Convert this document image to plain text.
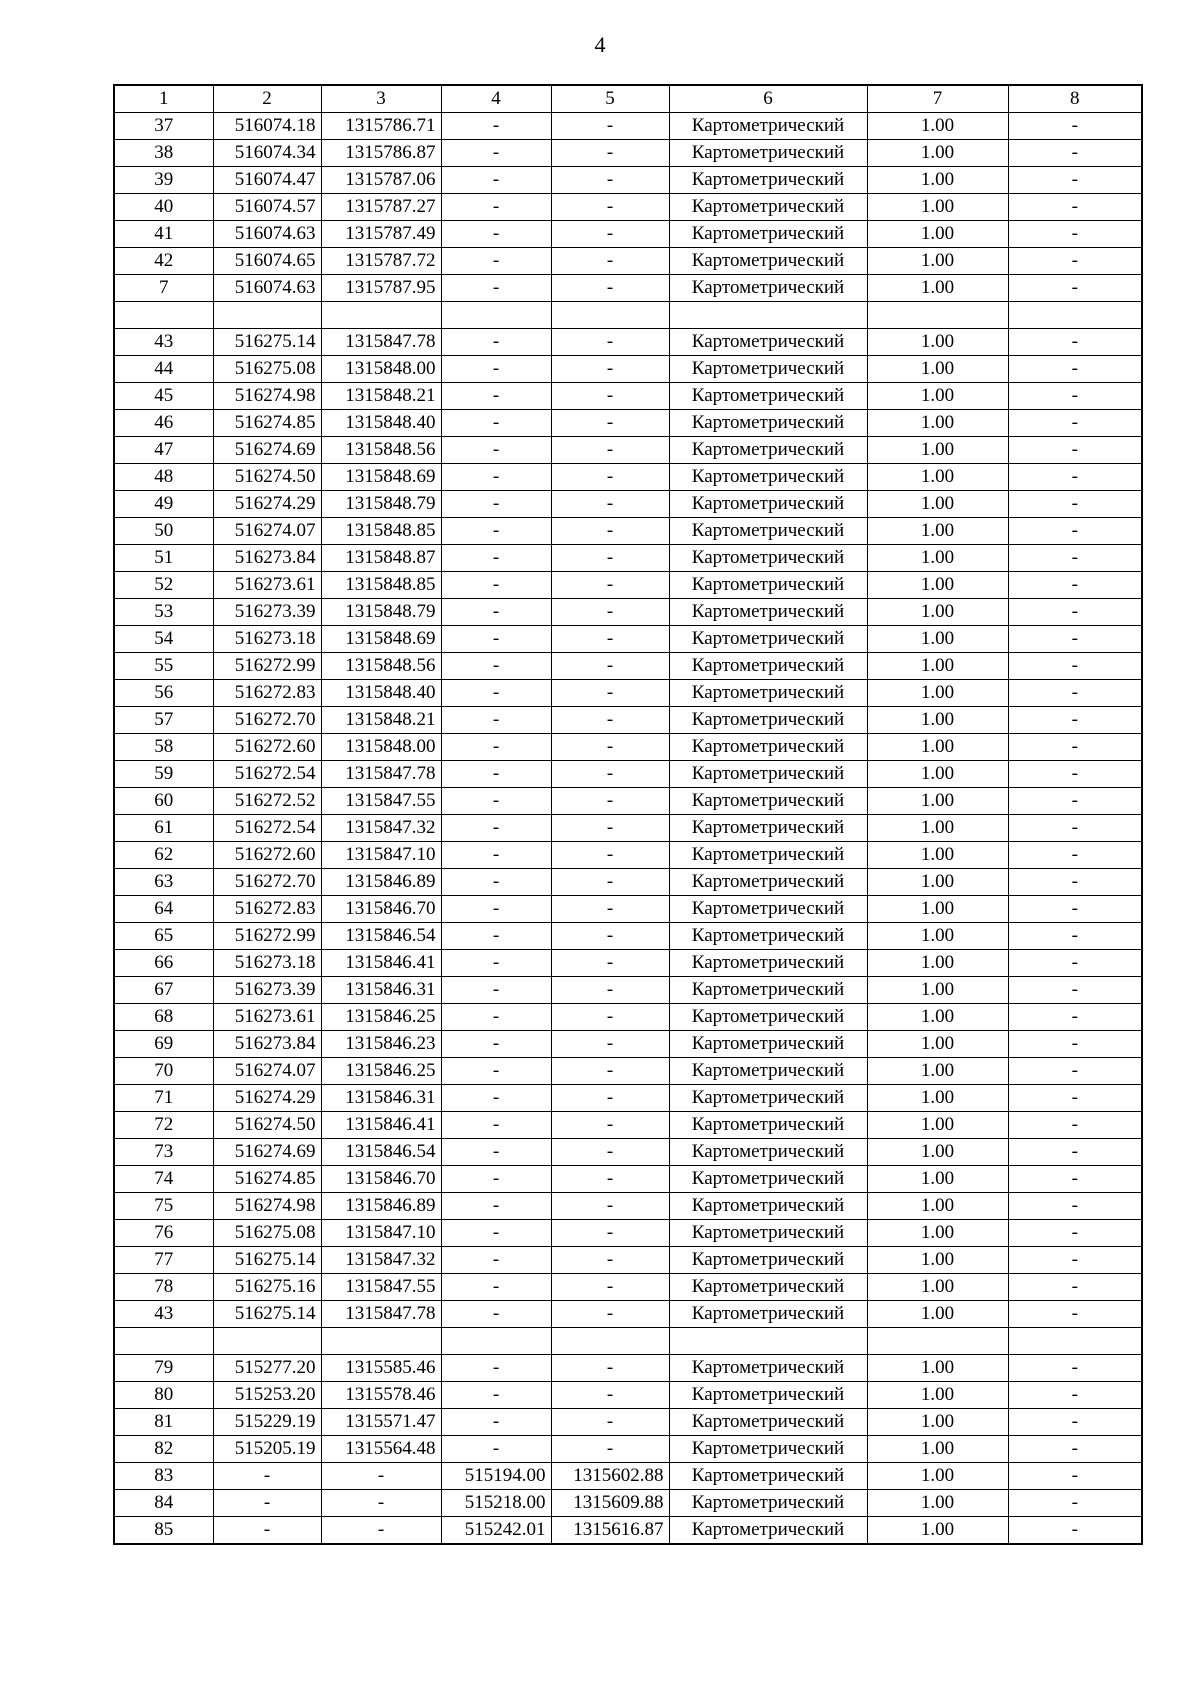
4
1	2	3	4	5	6	7	8
37	516074.18	1315786.71	-	-	Картометрический	1.00	-
38	516074.34	1315786.87	-	-	Картометрический	1.00	-
39	516074.47	1315787.06	-	-	Картометрический	1.00	-
40	516074.57	1315787.27	-	-	Картометрический	1.00	-
41	516074.63	1315787.49	-	-	Картометрический	1.00	-
42	516074.65	1315787.72	-	-	Картометрический	1.00	-
7	516074.63	1315787.95	-	-	Картометрический	1.00	-

43	516275.14	1315847.78	-	-	Картометрический	1.00	-
44	516275.08	1315848.00	-	-	Картометрический	1.00	-
45	516274.98	1315848.21	-	-	Картометрический	1.00	-
46	516274.85	1315848.40	-	-	Картометрический	1.00	-
47	516274.69	1315848.56	-	-	Картометрический	1.00	-
48	516274.50	1315848.69	-	-	Картометрический	1.00	-
49	516274.29	1315848.79	-	-	Картометрический	1.00	-
50	516274.07	1315848.85	-	-	Картометрический	1.00	-
51	516273.84	1315848.87	-	-	Картометрический	1.00	-
52	516273.61	1315848.85	-	-	Картометрический	1.00	-
53	516273.39	1315848.79	-	-	Картометрический	1.00	-
54	516273.18	1315848.69	-	-	Картометрический	1.00	-
55	516272.99	1315848.56	-	-	Картометрический	1.00	-
56	516272.83	1315848.40	-	-	Картометрический	1.00	-
57	516272.70	1315848.21	-	-	Картометрический	1.00	-
58	516272.60	1315848.00	-	-	Картометрический	1.00	-
59	516272.54	1315847.78	-	-	Картометрический	1.00	-
60	516272.52	1315847.55	-	-	Картометрический	1.00	-
61	516272.54	1315847.32	-	-	Картометрический	1.00	-
62	516272.60	1315847.10	-	-	Картометрический	1.00	-
63	516272.70	1315846.89	-	-	Картометрический	1.00	-
64	516272.83	1315846.70	-	-	Картометрический	1.00	-
65	516272.99	1315846.54	-	-	Картометрический	1.00	-
66	516273.18	1315846.41	-	-	Картометрический	1.00	-
67	516273.39	1315846.31	-	-	Картометрический	1.00	-
68	516273.61	1315846.25	-	-	Картометрический	1.00	-
69	516273.84	1315846.23	-	-	Картометрический	1.00	-
70	516274.07	1315846.25	-	-	Картометрический	1.00	-
71	516274.29	1315846.31	-	-	Картометрический	1.00	-
72	516274.50	1315846.41	-	-	Картометрический	1.00	-
73	516274.69	1315846.54	-	-	Картометрический	1.00	-
74	516274.85	1315846.70	-	-	Картометрический	1.00	-
75	516274.98	1315846.89	-	-	Картометрический	1.00	-
76	516275.08	1315847.10	-	-	Картометрический	1.00	-
77	516275.14	1315847.32	-	-	Картометрический	1.00	-
78	516275.16	1315847.55	-	-	Картометрический	1.00	-
43	516275.14	1315847.78	-	-	Картометрический	1.00	-

79	515277.20	1315585.46	-	-	Картометрический	1.00	-
80	515253.20	1315578.46	-	-	Картометрический	1.00	-
81	515229.19	1315571.47	-	-	Картометрический	1.00	-
82	515205.19	1315564.48	-	-	Картометрический	1.00	-
83	-	-	515194.00	1315602.88	Картометрический	1.00	-
84	-	-	515218.00	1315609.88	Картометрический	1.00	-
85	-	-	515242.01	1315616.87	Картометрический	1.00	-
